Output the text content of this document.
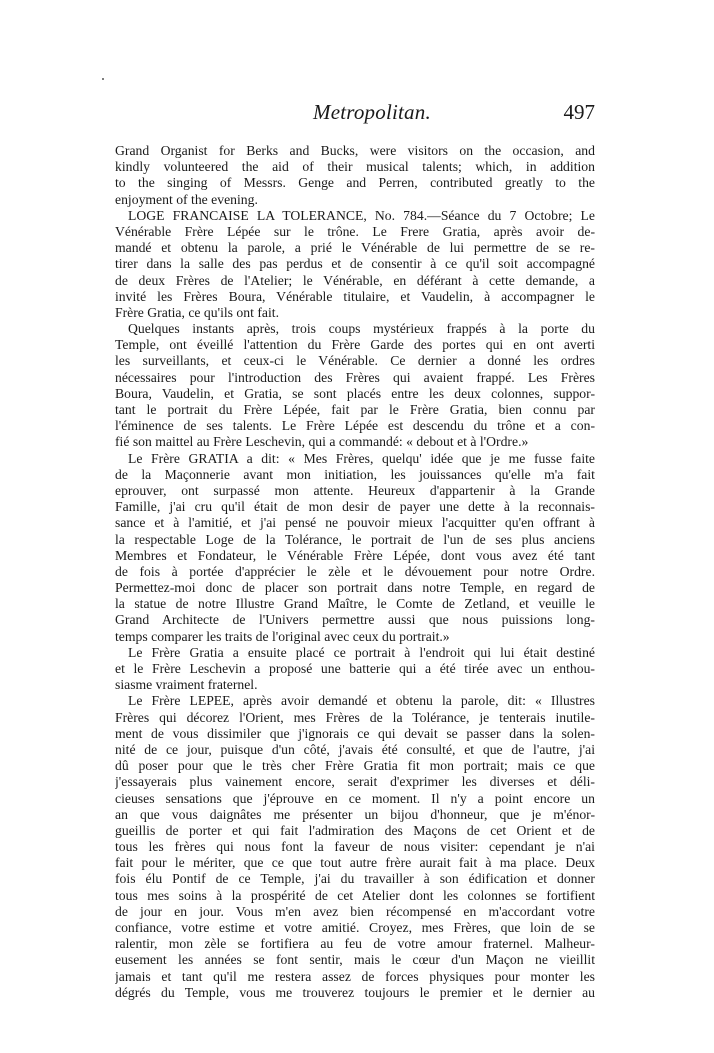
Metropolitan.	497
Grand Organist for Berks and Bucks, were visitors on the occasion, and
kindly volunteered the aid of their musical talents; which, in addition
to the singing of Messrs. Genge and Perren, contributed greatly to the
enjoyment of the evening.
LOGE FRANCAISE LA TOLERANCE, No. 784.—Séance du 7 Octobre; Le
Vénérable Frère Lépée sur le trône. Le Frere Gratia, après avoir de-
mandé et obtenu la parole, a prié le Vénérable de lui permettre de se re-
tirer dans la salle des pas perdus et de consentir à ce qu'il soit accompagné
de deux Frères de l'Atelier; le Vénérable, en déférant à cette demande, a
invité les Frères Boura, Vénérable titulaire, et Vaudelin, à accompagner le
Frère Gratia, ce qu'ils ont fait.
Quelques instants après, trois coups mystérieux frappés à la porte du
Temple, ont éveillé l'attention du Frère Garde des portes qui en ont averti
les surveillants, et ceux-ci le Vénérable. Ce dernier a donné les ordres
nécessaires pour l'introduction des Frères qui avaient frappé. Les Frères
Boura, Vaudelin, et Gratia, se sont placés entre les deux colonnes, suppor-
tant le portrait du Frère Lépée, fait par le Frère Gratia, bien connu par
l'éminence de ses talents. Le Frère Lépée est descendu du trône et a con-
fié son maittel au Frère Leschevin, qui a commandé: « debout et à l'Ordre.»
Le Frère GRATIA a dit: « Mes Frères, quelqu' idée que je me fusse faite
de la Maçonnerie avant mon initiation, les jouissances qu'elle m'a fait
eprouver, ont surpassé mon attente. Heureux d'appartenir à la Grande
Famille, j'ai cru qu'il était de mon desir de payer une dette à la reconnais-
sance et à l'amitié, et j'ai pensé ne pouvoir mieux l'acquitter qu'en offrant à
la respectable Loge de la Tolérance, le portrait de l'un de ses plus anciens
Membres et Fondateur, le Vénérable Frère Lépée, dont vous avez été tant
de fois à portée d'apprécier le zèle et le dévouement pour notre Ordre.
Permettez-moi donc de placer son portrait dans notre Temple, en regard de
la statue de notre Illustre Grand Maître, le Comte de Zetland, et veuille le
Grand Architecte de l'Univers permettre aussi que nous puissions long-
temps comparer les traits de l'original avec ceux du portrait.»
Le Frère Gratia a ensuite placé ce portrait à l'endroit qui lui était destiné
et le Frère Leschevin a proposé une batterie qui a été tirée avec un enthou-
siasme vraiment fraternel.
Le Frère LEPEE, après avoir demandé et obtenu la parole, dit: « Illustres
Frères qui décorez l'Orient, mes Frères de la Tolérance, je tenterais inutile-
ment de vous dissimiler que j'ignorais ce qui devait se passer dans la solen-
nité de ce jour, puisque d'un côté, j'avais été consulté, et que de l'autre, j'ai
dû poser pour que le très cher Frère Gratia fit mon portrait; mais ce que
j'essayerais plus vainement encore, serait d'exprimer les diverses et déli-
cieuses sensations que j'éprouve en ce moment. Il n'y a point encore un
an que vous daignâtes me présenter un bijou d'honneur, que je m'énor-
gueillis de porter et qui fait l'admiration des Maçons de cet Orient et de
tous les frères qui nous font la faveur de nous visiter: cependant je n'ai
fait pour le mériter, que ce que tout autre frère aurait fait à ma place. Deux
fois élu Pontif de ce Temple, j'ai du travailler à son édification et donner
tous mes soins à la prospérité de cet Atelier dont les colonnes se fortifient
de jour en jour. Vous m'en avez bien récompensé en m'accordant votre
confiance, votre estime et votre amitié. Croyez, mes Frères, que loin de se
ralentir, mon zèle se fortifiera au feu de votre amour fraternel. Malheur-
eusement les années se font sentir, mais le cœur d'un Maçon ne vieillit
jamais et tant qu'il me restera assez de forces physiques pour monter les
dégrés du Temple, vous me trouverez toujours le premier et le dernier au
